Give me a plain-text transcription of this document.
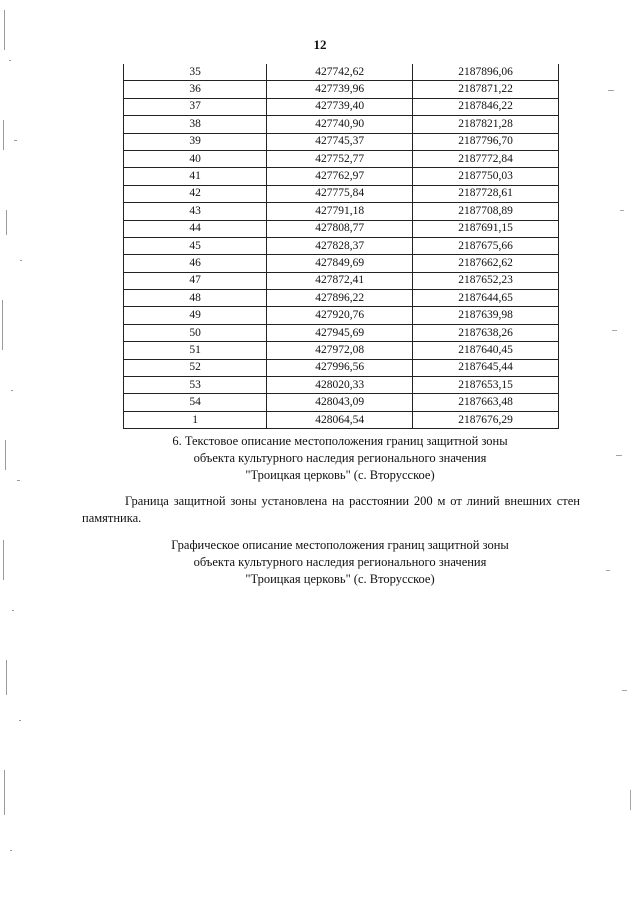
12
35	427742,62	2187896,06
36	427739,96	2187871,22
37	427739,40	2187846,22
38	427740,90	2187821,28
39	427745,37	2187796,70
40	427752,77	2187772,84
41	427762,97	2187750,03
42	427775,84	2187728,61
43	427791,18	2187708,89
44	427808,77	2187691,15
45	427828,37	2187675,66
46	427849,69	2187662,62
47	427872,41	2187652,23
48	427896,22	2187644,65
49	427920,76	2187639,98
50	427945,69	2187638,26
51	427972,08	2187640,45
52	427996,56	2187645,44
53	428020,33	2187653,15
54	428043,09	2187663,48
1	428064,54	2187676,29
6. Текстовое описание местоположения границ защитной зоны
объекта культурного наследия регионального значения
"Троицкая церковь" (с. Вторусское)
Граница защитной зоны установлена на расстоянии 200 м от линий внешних стен памятника.
Графическое описание местоположения границ защитной зоны
объекта культурного наследия регионального значения
"Троицкая церковь" (с. Вторусское)
